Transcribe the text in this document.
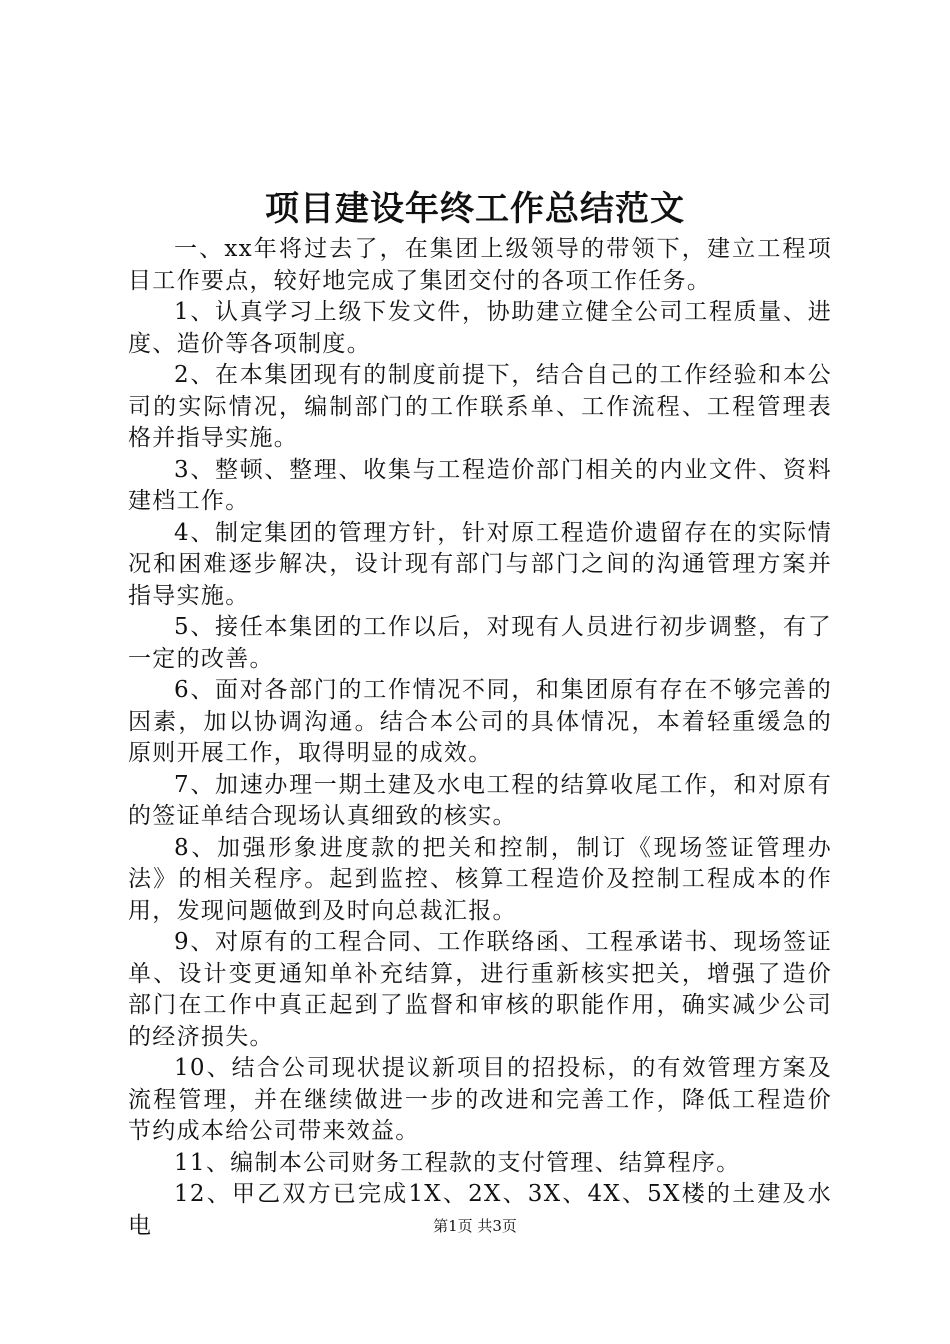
项目建设年终工作总结范文

一、xx年将过去了，在集团上级领导的带领下，建立工程项目工作要点，较好地完成了集团交付的各项工作任务。

1、认真学习上级下发文件，协助建立健全公司工程质量、进度、造价等各项制度。

2、在本集团现有的制度前提下，结合自己的工作经验和本公司的实际情况，编制部门的工作联系单、工作流程、工程管理表格并指导实施。

3、整顿、整理、收集与工程造价部门相关的内业文件、资料建档工作。

4、制定集团的管理方针，针对原工程造价遗留存在的实际情况和困难逐步解决，设计现有部门与部门之间的沟通管理方案并指导实施。

5、接任本集团的工作以后，对现有人员进行初步调整，有了一定的改善。

6、面对各部门的工作情况不同，和集团原有存在不够完善的因素，加以协调沟通。结合本公司的具体情况，本着轻重缓急的原则开展工作，取得明显的成效。

7、加速办理一期土建及水电工程的结算收尾工作，和对原有的签证单结合现场认真细致的核实。

8、加强形象进度款的把关和控制，制订《现场签证管理办法》的相关程序。起到监控、核算工程造价及控制工程成本的作用，发现问题做到及时向总裁汇报。

9、对原有的工程合同、工作联络函、工程承诺书、现场签证单、设计变更通知单补充结算，进行重新核实把关，增强了造价部门在工作中真正起到了监督和审核的职能作用，确实减少公司的经济损失。

10、结合公司现状提议新项目的招投标，的有效管理方案及流程管理，并在继续做进一步的改进和完善工作，降低工程造价节约成本给公司带来效益。

11、编制本公司财务工程款的支付管理、结算程序。

12、甲乙双方已完成1X、2X、3X、4X、5X楼的土建及水电	第1页 共3页
